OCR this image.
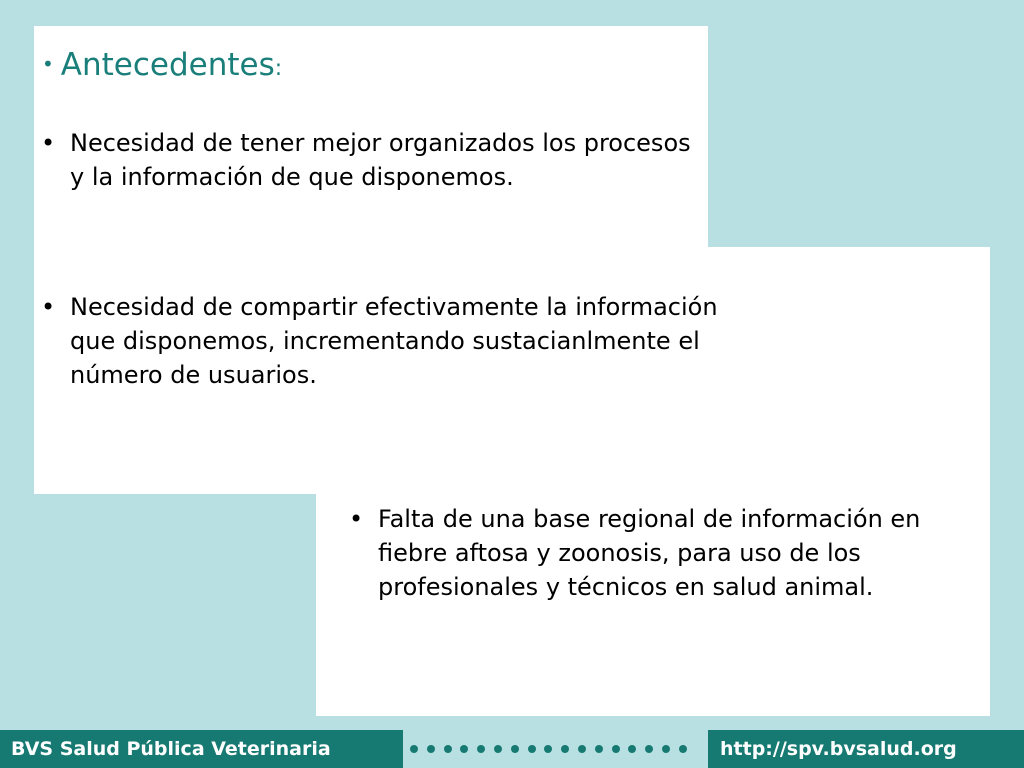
• Antecedentes:
• Necesidad de tener mejor organizados los procesos y la información de que disponemos.
• Necesidad de compartir efectivamente la información que disponemos, incrementando sustacianlmente el número de usuarios.
• Falta de una base regional de información en fiebre aftosa y zoonosis, para uso de los profesionales y técnicos en salud animal.
BVS Salud Pública Veterinaria	http://spv.bvsalud.org
